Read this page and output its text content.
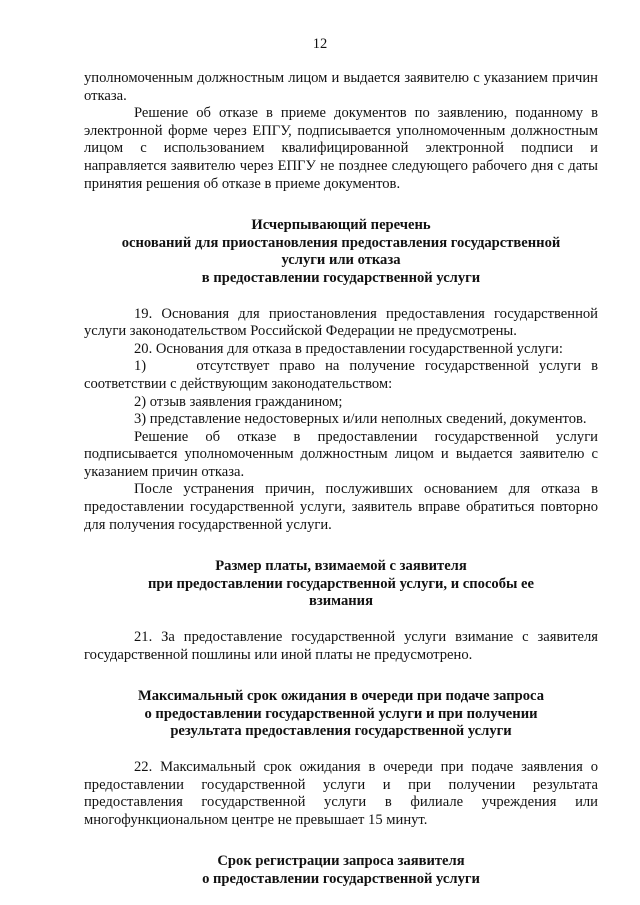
12

уполномоченным должностным лицом и выдается заявителю с указанием причин отказа.

Решение об отказе в приеме документов по заявлению, поданному в электронной форме через ЕПГУ, подписывается уполномоченным должностным лицом с использованием квалифицированной электронной подписи и направляется заявителю через ЕПГУ не позднее следующего рабочего дня с даты принятия решения об отказе в приеме документов.

Исчерпывающий перечень
оснований для приостановления предоставления государственной
услуги или отказа
в предоставлении государственной услуги

19. Основания для приостановления предоставления государственной услуги законодательством Российской Федерации не предусмотрены.

20. Основания для отказа в предоставлении государственной услуги:

1)     отсутствует право на получение государственной услуги в соответствии с действующим законодательством:

2) отзыв заявления гражданином;

3) представление недостоверных и/или неполных сведений, документов.

Решение об отказе в предоставлении государственной услуги подписывается уполномоченным должностным лицом и выдается заявителю с указанием причин отказа.

После устранения причин, послуживших основанием для отказа в предоставлении государственной услуги, заявитель вправе обратиться повторно для получения государственной услуги.

Размер платы, взимаемой с заявителя
при предоставлении государственной услуги, и способы ее
взимания

21. За предоставление государственной услуги взимание с заявителя государственной пошлины или иной платы не предусмотрено.

Максимальный срок ожидания в очереди при подаче запроса
о предоставлении государственной услуги и при получении
результата предоставления государственной услуги

22. Максимальный срок ожидания в очереди при подаче заявления о предоставлении государственной услуги и при получении результата предоставления государственной услуги в филиале учреждения или многофункциональном центре не превышает 15 минут.

Срок регистрации запроса заявителя
о предоставлении государственной услуги
